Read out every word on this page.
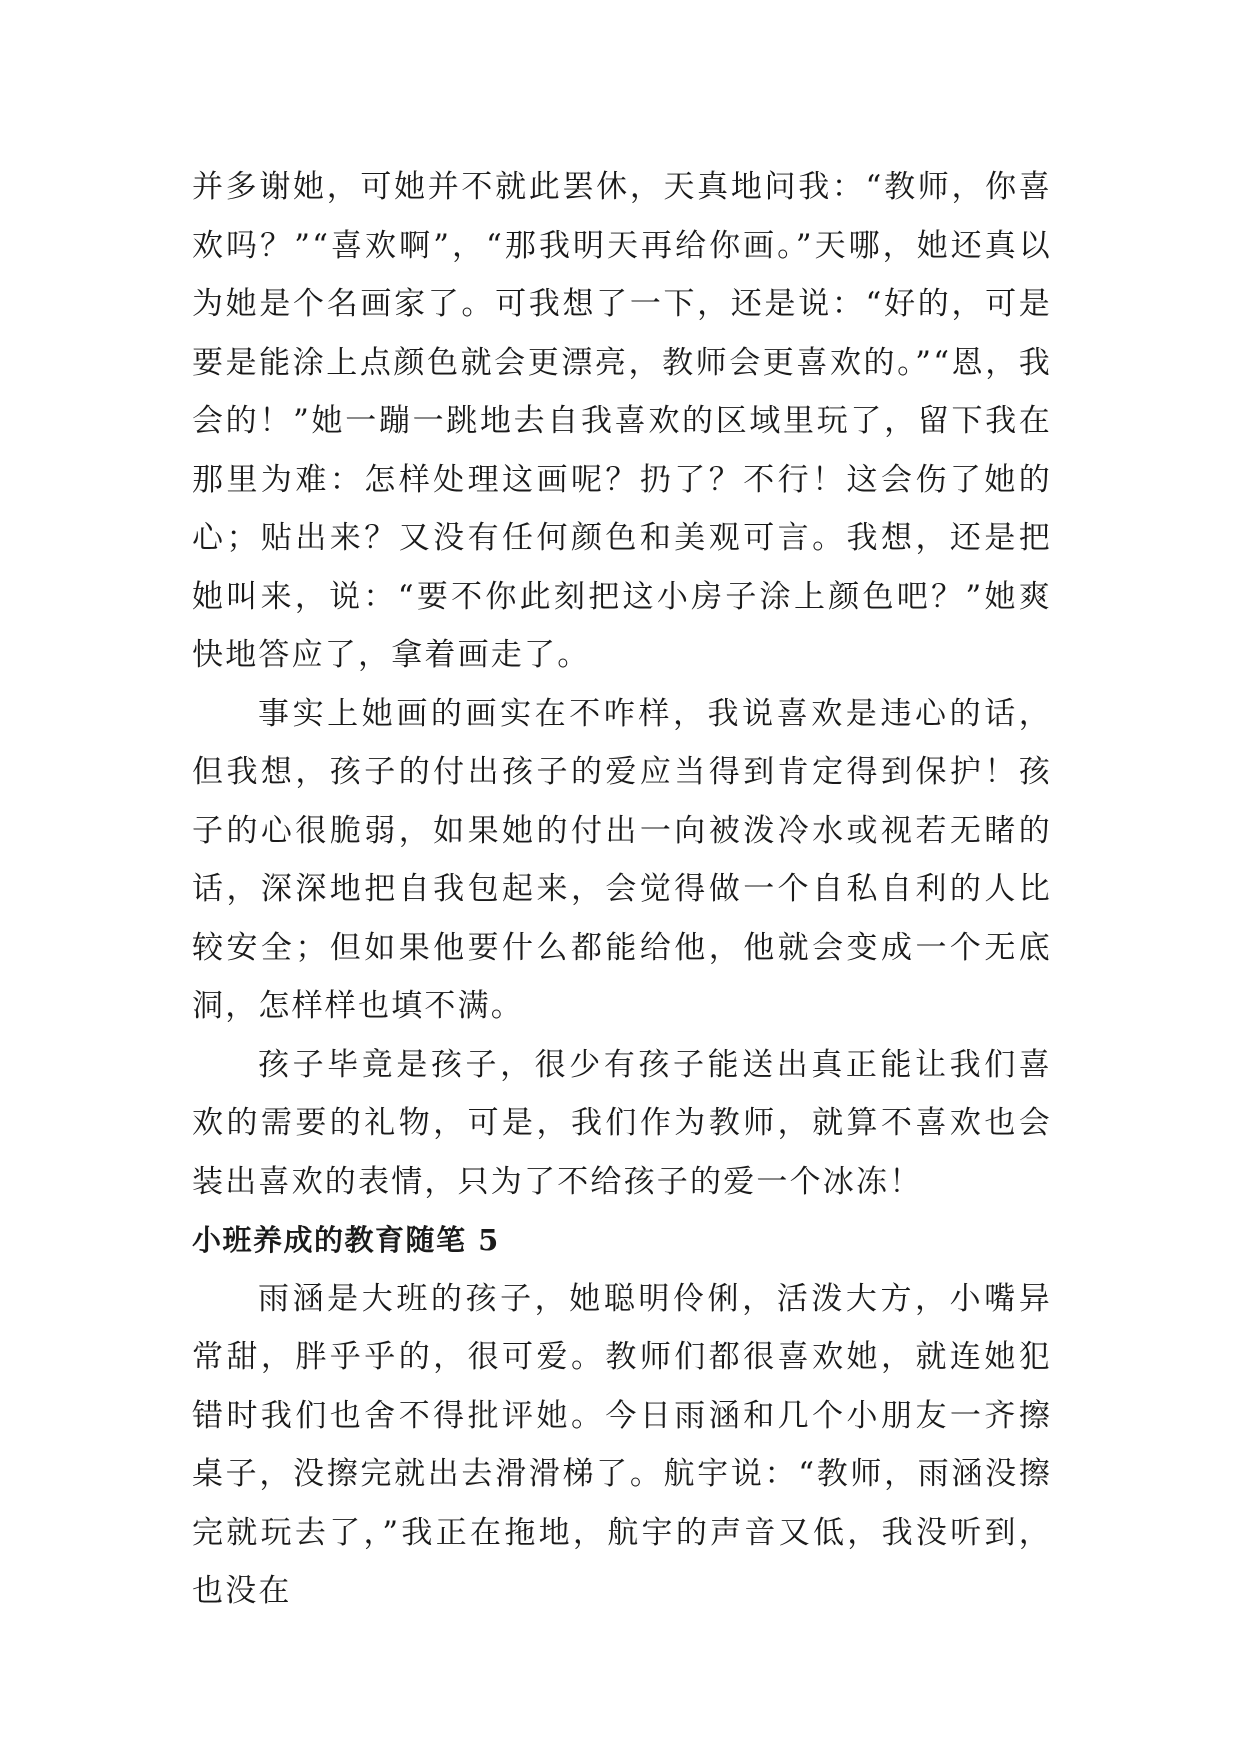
并多谢她，可她并不就此罢休，天真地问我：“教师，你喜欢吗？”“喜欢啊”，“那我明天再给你画。”天哪，她还真以为她是个名画家了。可我想了一下，还是说：“好的，可是要是能涂上点颜色就会更漂亮，教师会更喜欢的。”“恩，我会的！”她一蹦一跳地去自我喜欢的区域里玩了，留下我在那里为难：怎样处理这画呢？扔了？不行！这会伤了她的心；贴出来？又没有任何颜色和美观可言。我想，还是把她叫来，说：“要不你此刻把这小房子涂上颜色吧？”她爽快地答应了，拿着画走了。

事实上她画的画实在不咋样，我说喜欢是违心的话，但我想，孩子的付出孩子的爱应当得到肯定得到保护！孩子的心很脆弱，如果她的付出一向被泼冷水或视若无睹的话，深深地把自我包起来，会觉得做一个自私自利的人比较安全；但如果他要什么都能给他，他就会变成一个无底洞，怎样样也填不满。

孩子毕竟是孩子，很少有孩子能送出真正能让我们喜欢的需要的礼物，可是，我们作为教师，就算不喜欢也会装出喜欢的表情，只为了不给孩子的爱一个冰冻！

小班养成的教育随笔 5

雨涵是大班的孩子，她聪明伶俐，活泼大方，小嘴异常甜，胖乎乎的，很可爱。教师们都很喜欢她，就连她犯错时我们也舍不得批评她。今日雨涵和几个小朋友一齐擦桌子，没擦完就出去滑滑梯了。航宇说：“教师，雨涵没擦完就玩去了，”我正在拖地，航宇的声音又低，我没听到，也没在
